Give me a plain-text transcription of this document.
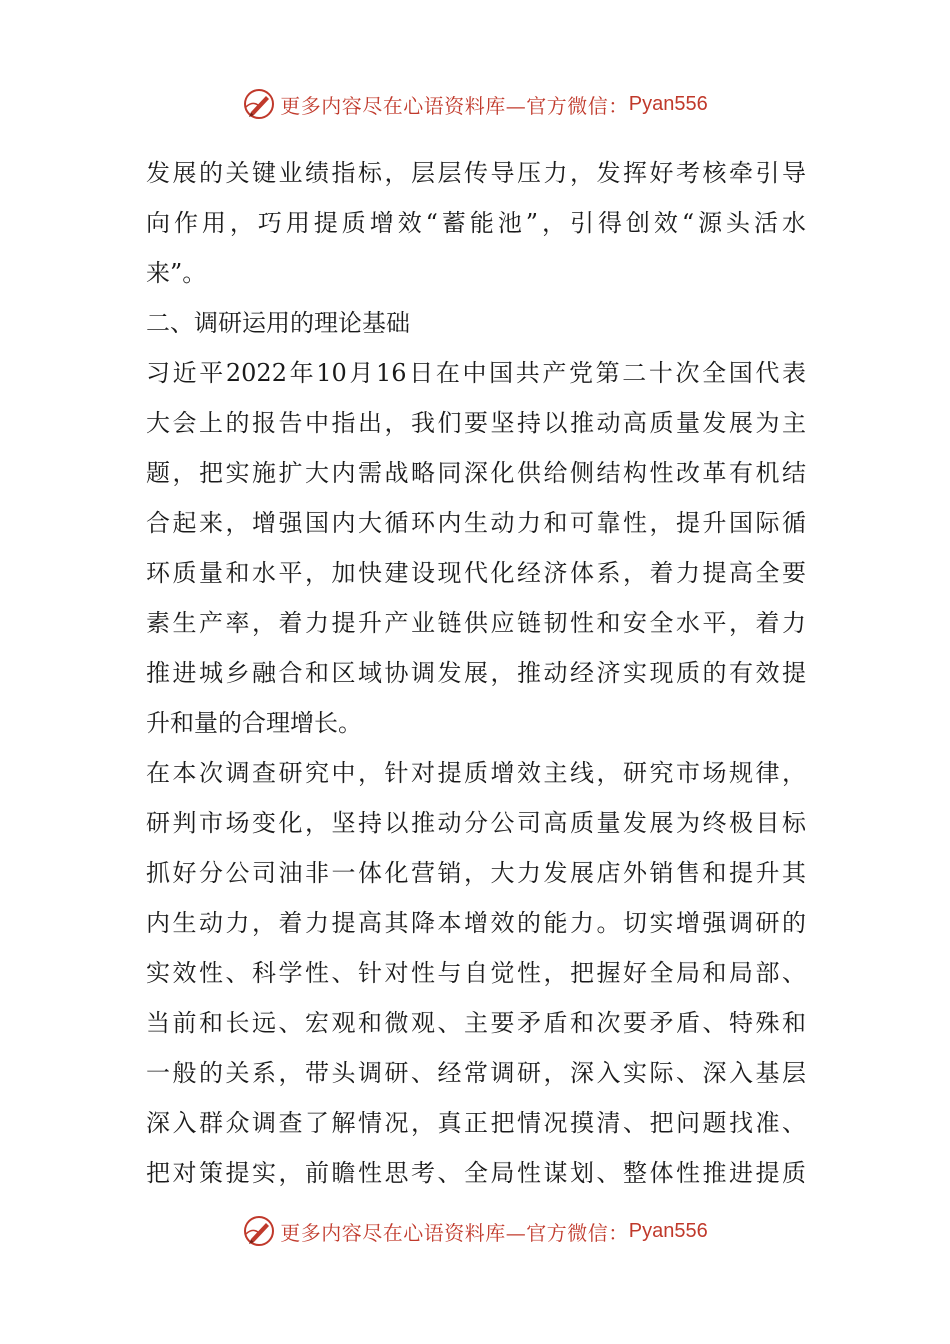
更多内容尽在心语资料库—官方微信： Pyan556
发展的关键业绩指标，层层传导压力，发挥好考核牵引导
向作用，巧用提质增效“蓄能池”，引得创效“源头活水
来”。
二、调研运用的理论基础
习近平2022年10月16日在中国共产党第二十次全国代表
大会上的报告中指出，我们要坚持以推动高质量发展为主
题，把实施扩大内需战略同深化供给侧结构性改革有机结
合起来，增强国内大循环内生动力和可靠性，提升国际循
环质量和水平，加快建设现代化经济体系，着力提高全要
素生产率，着力提升产业链供应链韧性和安全水平，着力
推进城乡融合和区域协调发展，推动经济实现质的有效提
升和量的合理增长。
在本次调查研究中，针对提质增效主线，研究市场规律，
研判市场变化，坚持以推动分公司高质量发展为终极目标
抓好分公司油非一体化营销，大力发展店外销售和提升其
内生动力，着力提高其降本增效的能力。切实增强调研的
实效性、科学性、针对性与自觉性，把握好全局和局部、
当前和长远、宏观和微观、主要矛盾和次要矛盾、特殊和
一般的关系，带头调研、经常调研，深入实际、深入基层
深入群众调查了解情况，真正把情况摸清、把问题找准、
把对策提实，前瞻性思考、全局性谋划、整体性推进提质
更多内容尽在心语资料库—官方微信： Pyan556
